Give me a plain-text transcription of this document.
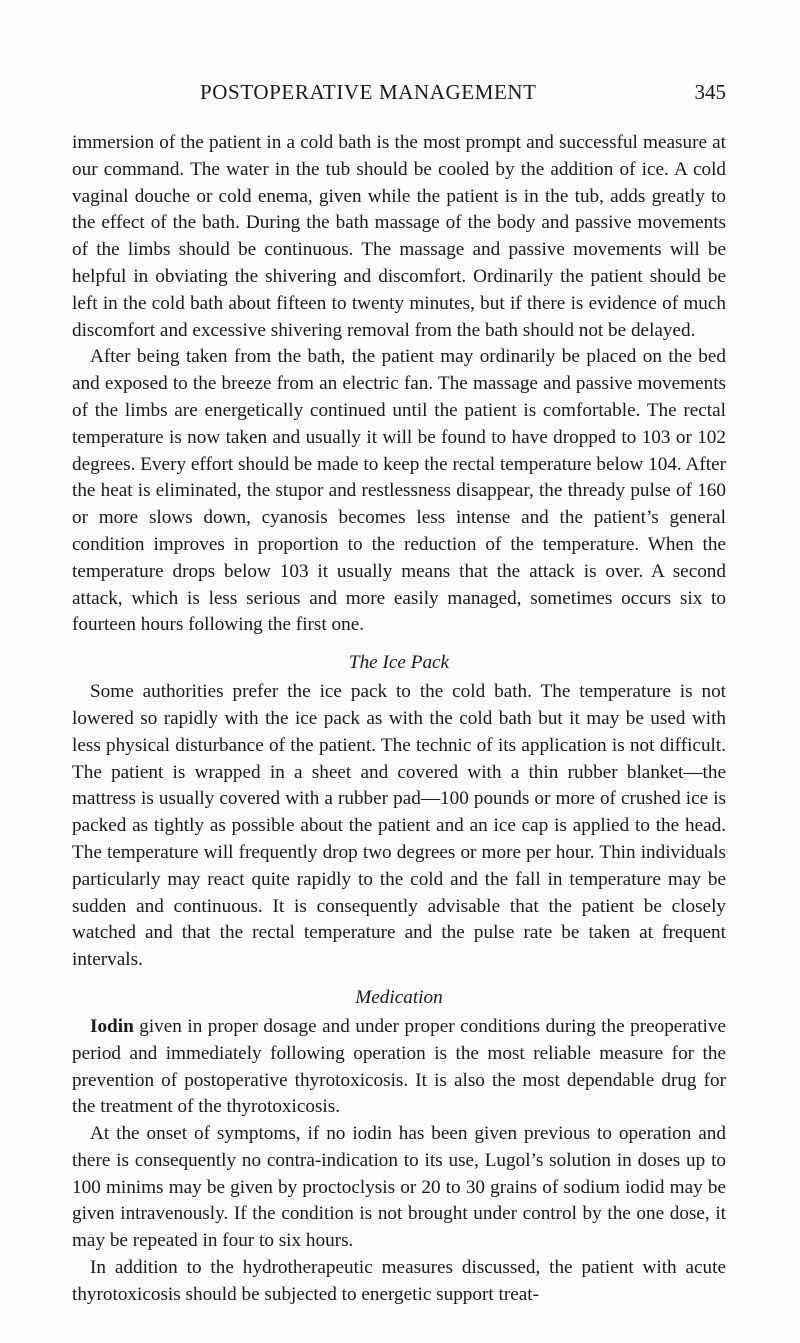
POSTOPERATIVE MANAGEMENT	345

immersion of the patient in a cold bath is the most prompt and successful measure at our command. The water in the tub should be cooled by the addition of ice. A cold vaginal douche or cold enema, given while the patient is in the tub, adds greatly to the effect of the bath. During the bath massage of the body and passive movements of the limbs should be continuous. The massage and passive movements will be helpful in obviating the shivering and discomfort. Ordinarily the patient should be left in the cold bath about fifteen to twenty minutes, but if there is evidence of much discomfort and excessive shivering removal from the bath should not be delayed.

After being taken from the bath, the patient may ordinarily be placed on the bed and exposed to the breeze from an electric fan. The massage and passive movements of the limbs are energetically continued until the patient is comfortable. The rectal temperature is now taken and usually it will be found to have dropped to 103 or 102 degrees. Every effort should be made to keep the rectal temperature below 104. After the heat is eliminated, the stupor and restlessness disappear, the thready pulse of 160 or more slows down, cyanosis becomes less intense and the patient’s general condition improves in proportion to the reduction of the temperature. When the temperature drops below 103 it usually means that the attack is over. A second attack, which is less serious and more easily managed, sometimes occurs six to fourteen hours following the first one.

The Ice Pack

Some authorities prefer the ice pack to the cold bath. The temperature is not lowered so rapidly with the ice pack as with the cold bath but it may be used with less physical disturbance of the patient. The technic of its application is not difficult. The patient is wrapped in a sheet and covered with a thin rubber blanket—the mattress is usually covered with a rubber pad—100 pounds or more of crushed ice is packed as tightly as possible about the patient and an ice cap is applied to the head. The temperature will frequently drop two degrees or more per hour. Thin individuals particularly may react quite rapidly to the cold and the fall in temperature may be sudden and continuous. It is consequently advisable that the patient be closely watched and that the rectal temperature and the pulse rate be taken at frequent intervals.

Medication

Iodin given in proper dosage and under proper conditions during the preoperative period and immediately following operation is the most reliable measure for the prevention of postoperative thyrotoxicosis. It is also the most dependable drug for the treatment of the thyrotoxicosis.

At the onset of symptoms, if no iodin has been given previous to operation and there is consequently no contra-indication to its use, Lugol’s solution in doses up to 100 minims may be given by proctoclysis or 20 to 30 grains of sodium iodid may be given intravenously. If the condition is not brought under control by the one dose, it may be repeated in four to six hours.

In addition to the hydrotherapeutic measures discussed, the patient with acute thyrotoxicosis should be subjected to energetic support treat-
